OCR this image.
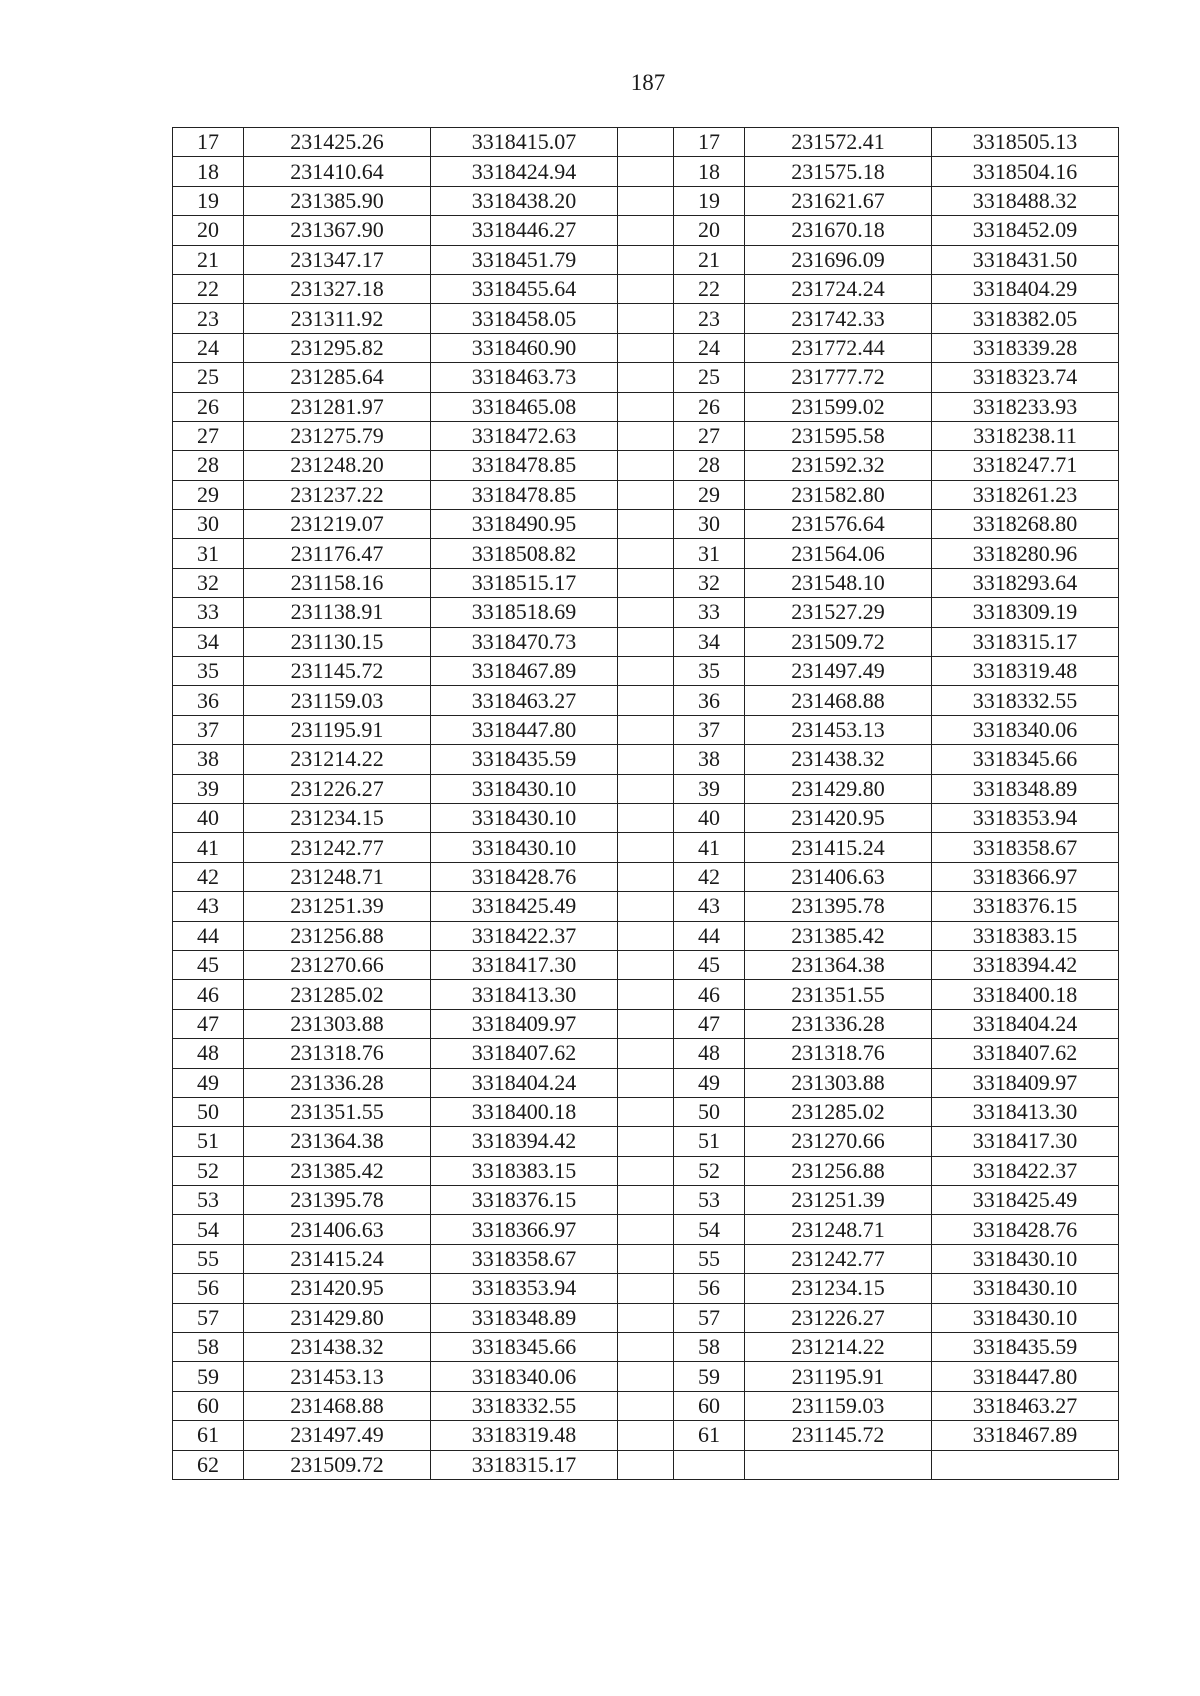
187
17	231425.26	3318415.07		17	231572.41	3318505.13
18	231410.64	3318424.94		18	231575.18	3318504.16
19	231385.90	3318438.20		19	231621.67	3318488.32
20	231367.90	3318446.27		20	231670.18	3318452.09
21	231347.17	3318451.79		21	231696.09	3318431.50
22	231327.18	3318455.64		22	231724.24	3318404.29
23	231311.92	3318458.05		23	231742.33	3318382.05
24	231295.82	3318460.90		24	231772.44	3318339.28
25	231285.64	3318463.73		25	231777.72	3318323.74
26	231281.97	3318465.08		26	231599.02	3318233.93
27	231275.79	3318472.63		27	231595.58	3318238.11
28	231248.20	3318478.85		28	231592.32	3318247.71
29	231237.22	3318478.85		29	231582.80	3318261.23
30	231219.07	3318490.95		30	231576.64	3318268.80
31	231176.47	3318508.82		31	231564.06	3318280.96
32	231158.16	3318515.17		32	231548.10	3318293.64
33	231138.91	3318518.69		33	231527.29	3318309.19
34	231130.15	3318470.73		34	231509.72	3318315.17
35	231145.72	3318467.89		35	231497.49	3318319.48
36	231159.03	3318463.27		36	231468.88	3318332.55
37	231195.91	3318447.80		37	231453.13	3318340.06
38	231214.22	3318435.59		38	231438.32	3318345.66
39	231226.27	3318430.10		39	231429.80	3318348.89
40	231234.15	3318430.10		40	231420.95	3318353.94
41	231242.77	3318430.10		41	231415.24	3318358.67
42	231248.71	3318428.76		42	231406.63	3318366.97
43	231251.39	3318425.49		43	231395.78	3318376.15
44	231256.88	3318422.37		44	231385.42	3318383.15
45	231270.66	3318417.30		45	231364.38	3318394.42
46	231285.02	3318413.30		46	231351.55	3318400.18
47	231303.88	3318409.97		47	231336.28	3318404.24
48	231318.76	3318407.62		48	231318.76	3318407.62
49	231336.28	3318404.24		49	231303.88	3318409.97
50	231351.55	3318400.18		50	231285.02	3318413.30
51	231364.38	3318394.42		51	231270.66	3318417.30
52	231385.42	3318383.15		52	231256.88	3318422.37
53	231395.78	3318376.15		53	231251.39	3318425.49
54	231406.63	3318366.97		54	231248.71	3318428.76
55	231415.24	3318358.67		55	231242.77	3318430.10
56	231420.95	3318353.94		56	231234.15	3318430.10
57	231429.80	3318348.89		57	231226.27	3318430.10
58	231438.32	3318345.66		58	231214.22	3318435.59
59	231453.13	3318340.06		59	231195.91	3318447.80
60	231468.88	3318332.55		60	231159.03	3318463.27
61	231497.49	3318319.48		61	231145.72	3318467.89
62	231509.72	3318315.17				
